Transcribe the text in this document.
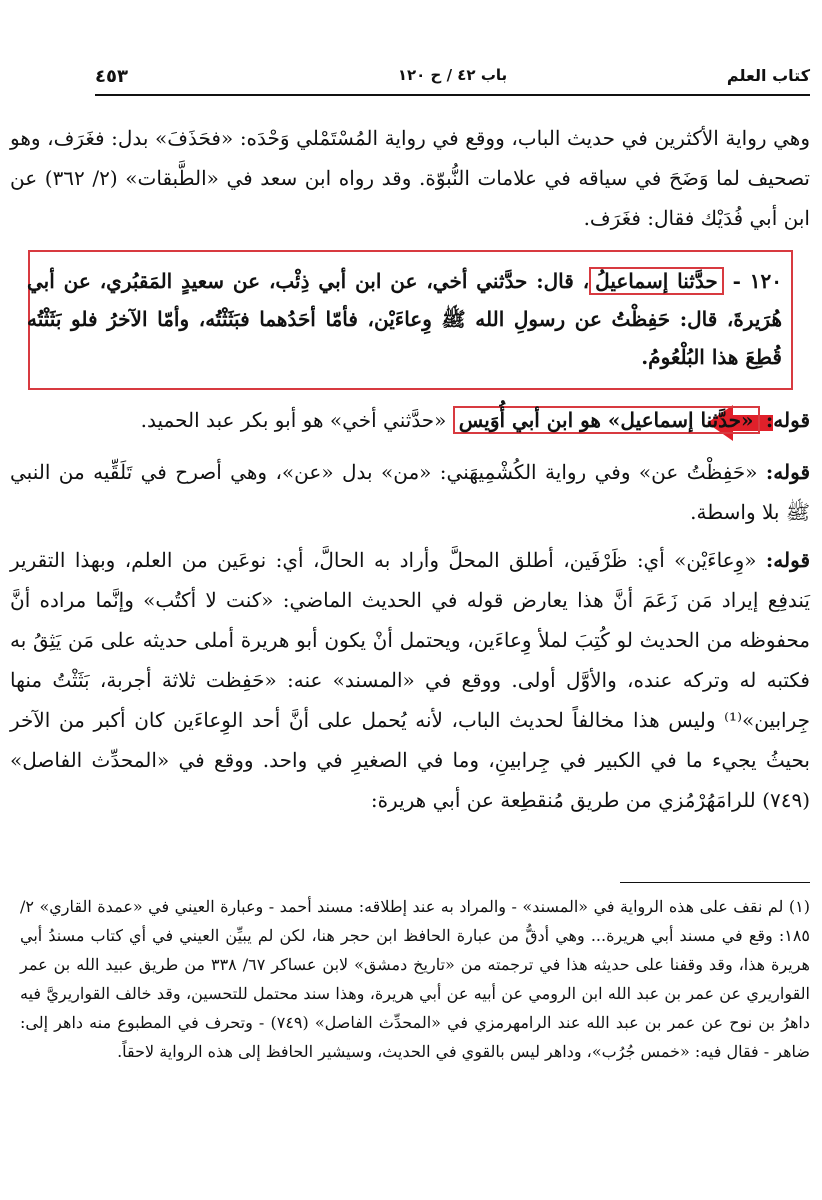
كتاب العلم
باب ٤٢ / ح ١٢٠
٤٥٣
وهي رواية الأكثرين في حديث الباب، ووقع في رواية المُسْتَمْلي وَحْدَه: «فحَذَفَ» بدل: فغَرَف، وهو تصحيف لما وَضَحَ في سياقه في علامات النُّبوّة. وقد رواه ابن سعد في «الطَّبقات» (٢/ ٣٦٢) عن ابن أبي فُدَيْك فقال: فغَرَف.
١٢٠ - حدَّثنا إسماعيلُ، قال: حدَّثني أخي، عن ابن أبي ذِئْب، عن سعيدٍ المَقبُري، عن أبي هُرَيرةَ، قال: حَفِظْتُ عن رسولِ الله ﷺ وِعاءَيْن، فأمّا أحَدُهما فبَثَثْتُه، وأمّا الآخرُ فلو بَثَثْتُه قُطِعَ هذا البُلْعُومُ.
قوله: «حدَّثنا إسماعيل» هو ابن أبي أُوَيس «حدَّثني أخي» هو أبو بكر عبد الحميد.
قوله: «حَفِظْتُ عن» وفي رواية الكُشْمِيهَني: «من» بدل «عن»، وهي أصرح في تَلَقِّيه من النبي ﷺ بلا واسطة.
قوله: «وِعاءَيْن» أي: ظَرْفَين، أطلق المحلَّ وأراد به الحالَّ، أي: نوعَين من العلم، وبهذا التقرير يَندفِع إيراد مَن زَعَمَ أنَّ هذا يعارض قوله في الحديث الماضي: «كنت لا أكتُب» وإنَّما مراده أنَّ محفوظه من الحديث لو كُتِبَ لملأ وِعاءَين، ويحتمل أنْ يكون أبو هريرة أملى حديثه على مَن يَثِقُ به فكتبه له وتركه عنده، والأوَّل أولى. ووقع في «المسند» عنه: «حَفِظت ثلاثة أجربة، بَثَثْتُ منها جِرابين»⁽¹⁾ وليس هذا مخالفاً لحديث الباب، لأنه يُحمل على أنَّ أحد الوِعاءَين كان أكبر من الآخر بحيثُ يجيء ما في الكبير في جِرابينِ، وما في الصغيرِ في واحد. ووقع في «المحدِّث الفاصل» (٧٤٩) للرامَهُرْمُزي من طريق مُنقطِعة عن أبي هريرة:
(١) لم نقف على هذه الرواية في «المسند» - والمراد به عند إطلاقه: مسند أحمد - وعبارة العيني في «عمدة القاري» ٢/ ١٨٥: وقع في مسند أبي هريرة... وهي أدقُّ من عبارة الحافظ ابن حجر هنا، لكن لم يبيِّن العيني في أي كتاب مسندُ أبي هريرة هذا، وقد وقفنا على حديثه هذا في ترجمته من «تاريخ دمشق» لابن عساكر ٦٧/ ٣٣٨ من طريق عبيد الله بن عمر القواريري عن عمر بن عبد الله ابن الرومي عن أبيه عن أبي هريرة، وهذا سند محتمل للتحسين، وقد خالف القواريريَّ فيه داهرُ بن نوح عن عمر بن عبد الله عند الرامهرمزي في «المحدِّث الفاصل» (٧٤٩) - وتحرف في المطبوع منه داهر إلى: ضاهر - فقال فيه: «خمس جُرُب»، وداهر ليس بالقوي في الحديث، وسيشير الحافظ إلى هذه الرواية لاحقاً.
